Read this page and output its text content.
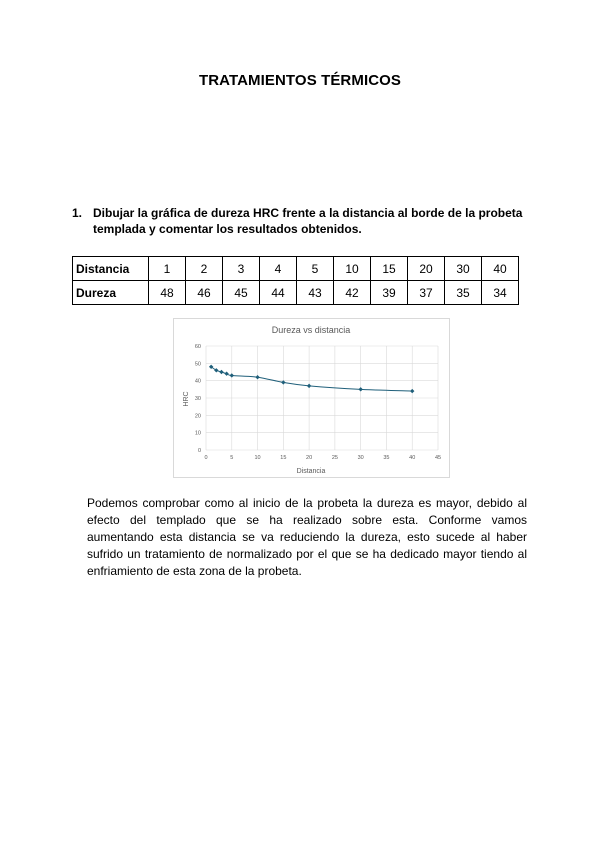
TRATAMIENTOS TÉRMICOS
1. Dibujar la gráfica de dureza HRC frente a la distancia al borde de la probeta templada y comentar los resultados obtenidos.
Distancia	1	2	3	4	5	10	15	20	30	40
Dureza	48	46	45	44	43	42	39	37	35	34
Dureza vs distancia
0
10
20
30
40
50
60
0	5	10	15	20	25	30	35	40	45
Distancia
HRC
Podemos comprobar como al inicio de la probeta la dureza es mayor, debido al efecto del templado que se ha realizado sobre esta. Conforme vamos aumentando esta distancia se va reduciendo la dureza, esto sucede al haber sufrido un tratamiento de normalizado por el que se ha dedicado mayor tiendo al enfriamiento de esta zona de la probeta.
